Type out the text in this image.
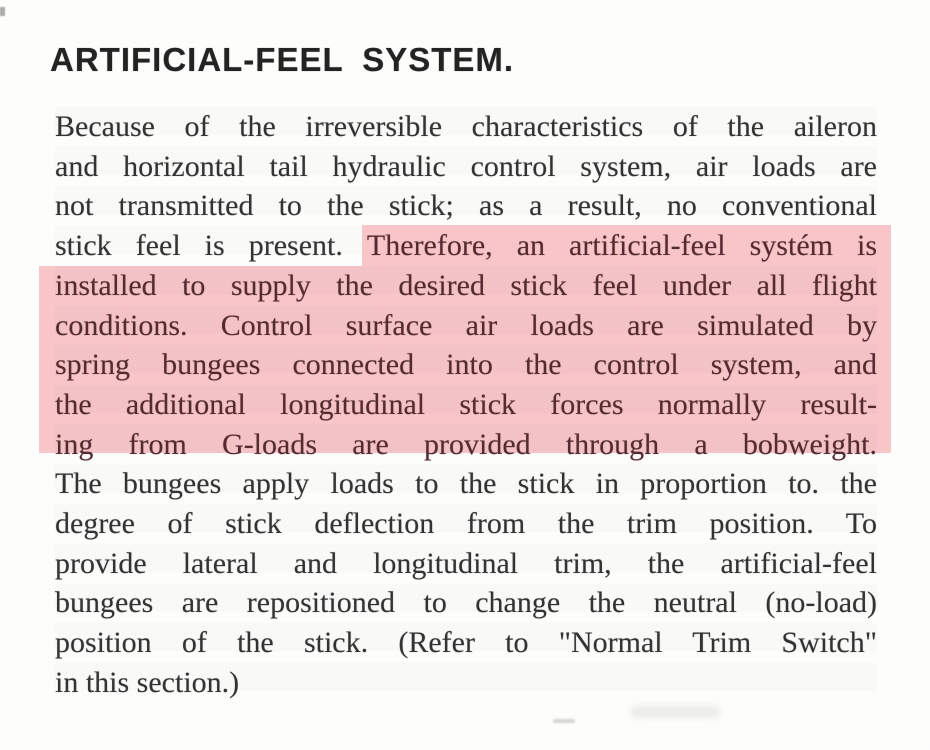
ARTIFICIAL-FEEL SYSTEM.
Because of the irreversible characteristics of the aileron
and horizontal tail hydraulic control system, air loads are
not transmitted to the stick; as a result, no conventional
stick feel is present. Therefore, an artificial-feel systém is
installed to supply the desired stick feel under all flight
conditions. Control surface air loads are simulated by
spring bungees connected into the control system, and
the additional longitudinal stick forces normally result-
ing from G-loads are provided through a bobweight.
The bungees apply loads to the stick in proportion to. the
degree of stick deflection from the trim position. To
provide lateral and longitudinal trim, the artificial-feel
bungees are repositioned to change the neutral (no-load)
position of the stick. (Refer to "Normal Trim Switch"
in this section.)
